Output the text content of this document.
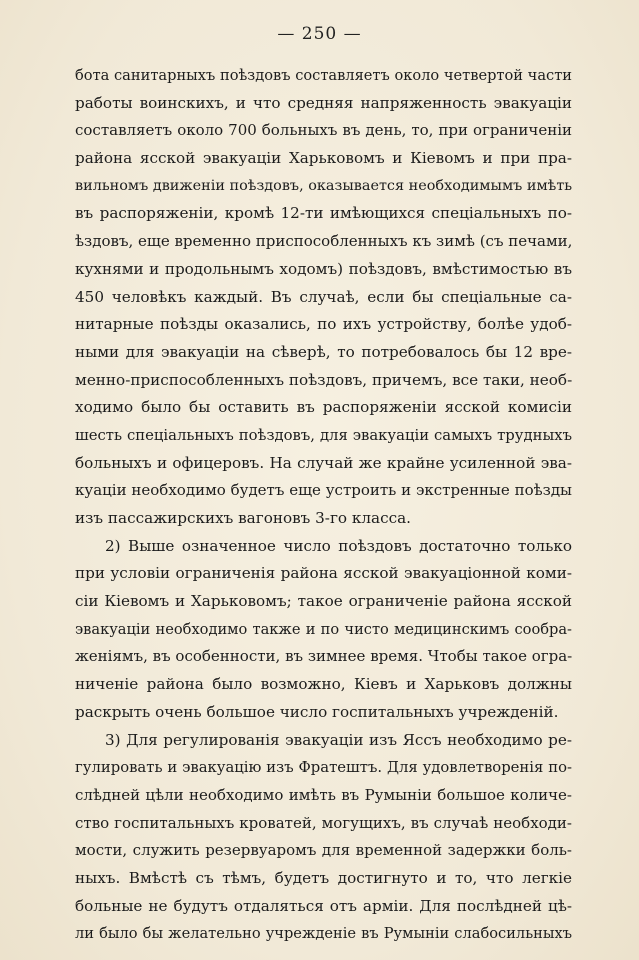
— 250 —
бота санитарныхъ поѣздовъ составляетъ около четвертой части
работы воинскихъ, и что средняя напряженность эвакуаціи
составляетъ около 700 больныхъ въ день, то, при ограниченіи
района ясской эвакуаціи Харьковомъ и Кіевомъ и при пра-
вильномъ движеніи поѣздовъ, оказывается необходимымъ имѣть
въ распоряженіи, кромѣ 12-ти имѣющихся спеціальныхъ по-
ѣздовъ, еще временно приспособленныхъ къ зимѣ (съ печами,
кухнями и продольнымъ ходомъ) поѣздовъ, вмѣстимостью въ
450 человѣкъ каждый. Въ случаѣ, если бы спеціальные са-
нитарные поѣзды оказались, по ихъ устройству, болѣе удоб-
ными для эвакуаціи на сѣверѣ, то потребовалось бы 12 вре-
менно-приспособленныхъ поѣздовъ, причемъ, все таки, необ-
ходимо было бы оставить въ распоряженіи ясской комисіи
шесть спеціальныхъ поѣздовъ, для эвакуаціи самыхъ трудныхъ
больныхъ и офицеровъ. На случай же крайне усиленной эва-
куаціи необходимо будетъ еще устроить и экстренные поѣзды
изъ пассажирскихъ вагоновъ 3-го класса.
2) Выше означенное число поѣздовъ достаточно только
при условіи ограниченія района ясской эвакуаціонной коми-
сіи Кіевомъ и Харьковомъ; такое ограниченіе района ясской
эвакуаціи необходимо также и по чисто медицинскимъ сообра-
женіямъ, въ особенности, въ зимнее время. Чтобы такое огра-
ниченіе района было возможно, Кіевъ и Харьковъ должны
раскрыть очень большое число госпитальныхъ учрежденій.
3) Для регулированія эвакуаціи изъ Яссъ необходимо ре-
гулировать и эвакуацію изъ Фратештъ. Для удовлетворенія по-
слѣдней цѣли необходимо имѣть въ Румыніи большое количе-
ство госпитальныхъ кроватей, могущихъ, въ случаѣ необходи-
мости, служить резервуаромъ для временной задержки боль-
ныхъ. Вмѣстѣ съ тѣмъ, будетъ достигнуто и то, что легкіе
больные не будутъ отдаляться отъ арміи. Для послѣдней цѣ-
ли было бы желательно учрежденіе въ Румыніи слабосильныхъ
